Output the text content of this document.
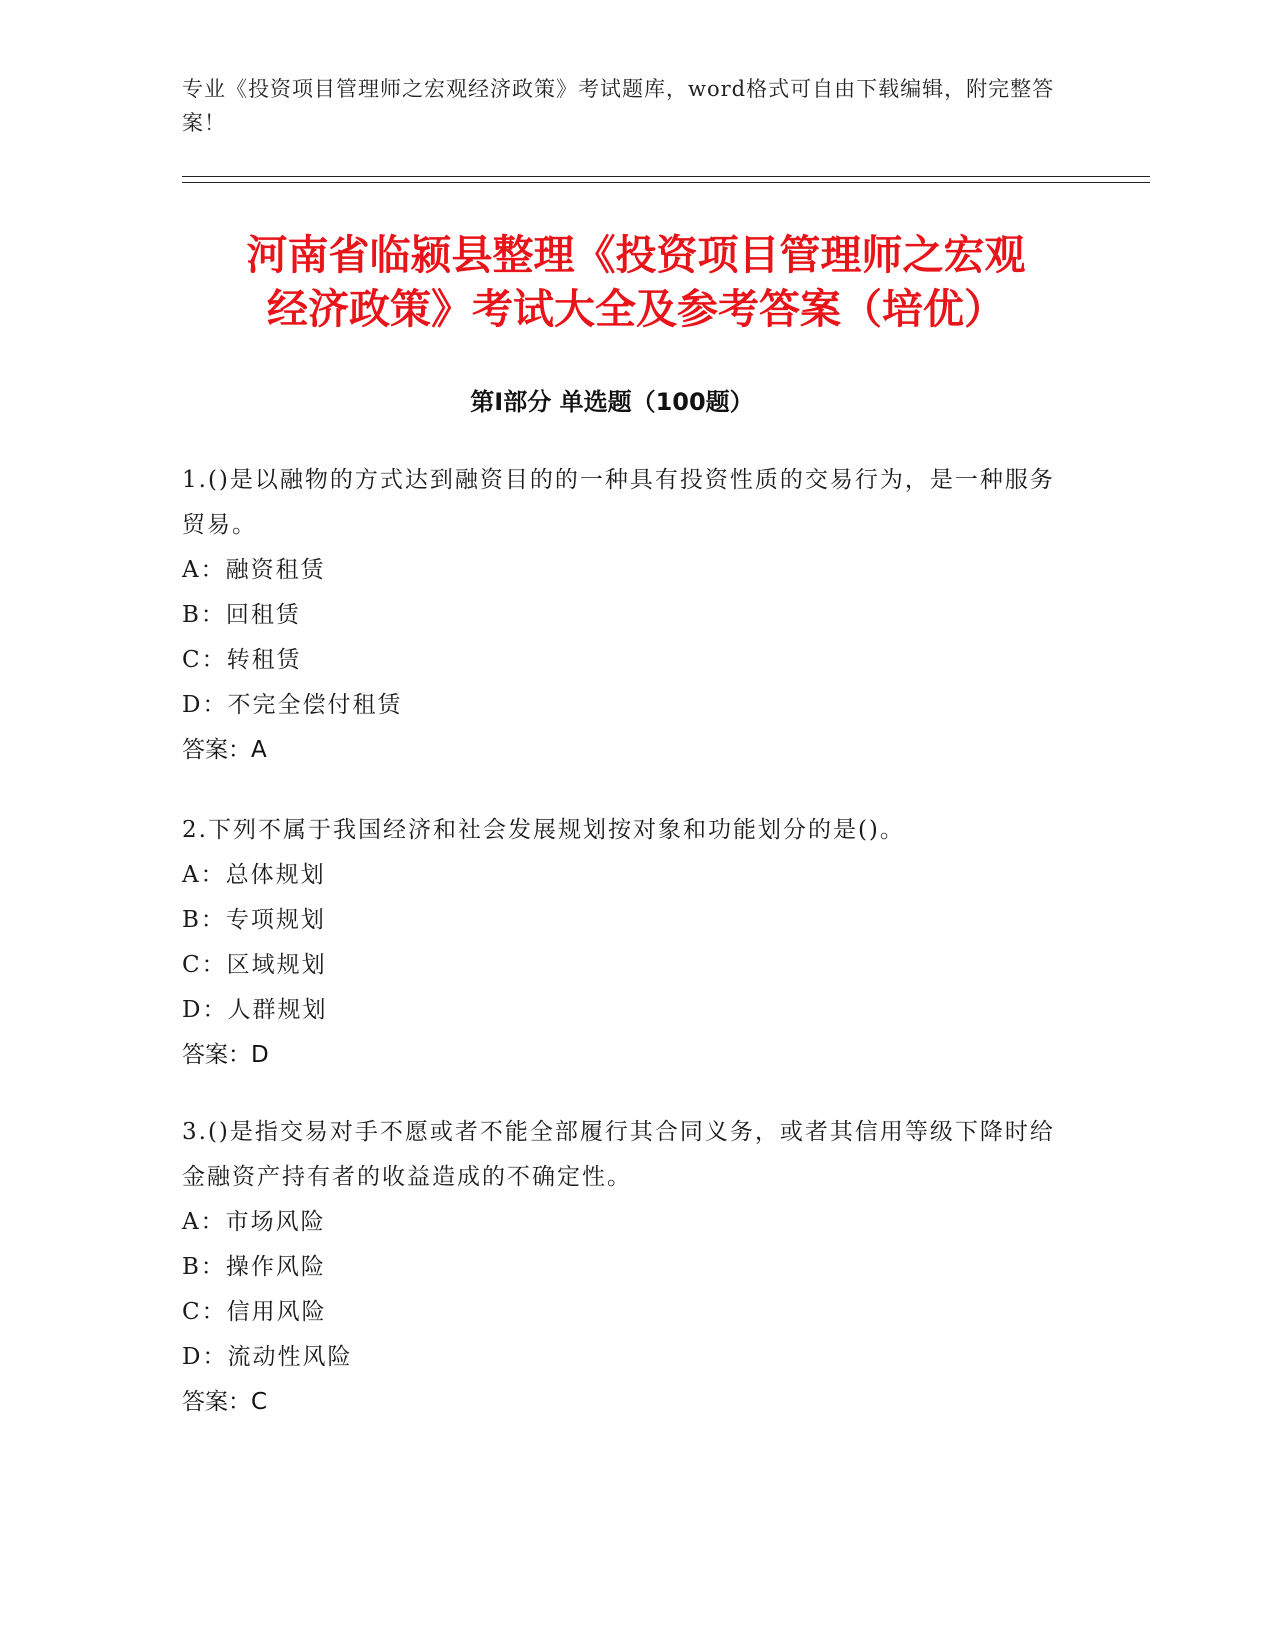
专业《投资项目管理师之宏观经济政策》考试题库，word格式可自由下载编辑，附完整答案！
河南省临颍县整理《投资项目管理师之宏观
经济政策》考试大全及参考答案（培优）
第Ⅰ部分 单选题（100题）

1.()是以融物的方式达到融资目的的一种具有投资性质的交易行为，是一种服务贸易。

A：融资租赁

B：回租赁

C：转租赁

D：不完全偿付租赁

答案：A

2.下列不属于我国经济和社会发展规划按对象和功能划分的是()。

A：总体规划

B：专项规划

C：区域规划

D：人群规划

答案：D

3.()是指交易对手不愿或者不能全部履行其合同义务，或者其信用等级下降时给金融资产持有者的收益造成的不确定性。

A：市场风险

B：操作风险

C：信用风险

D：流动性风险

答案：C
